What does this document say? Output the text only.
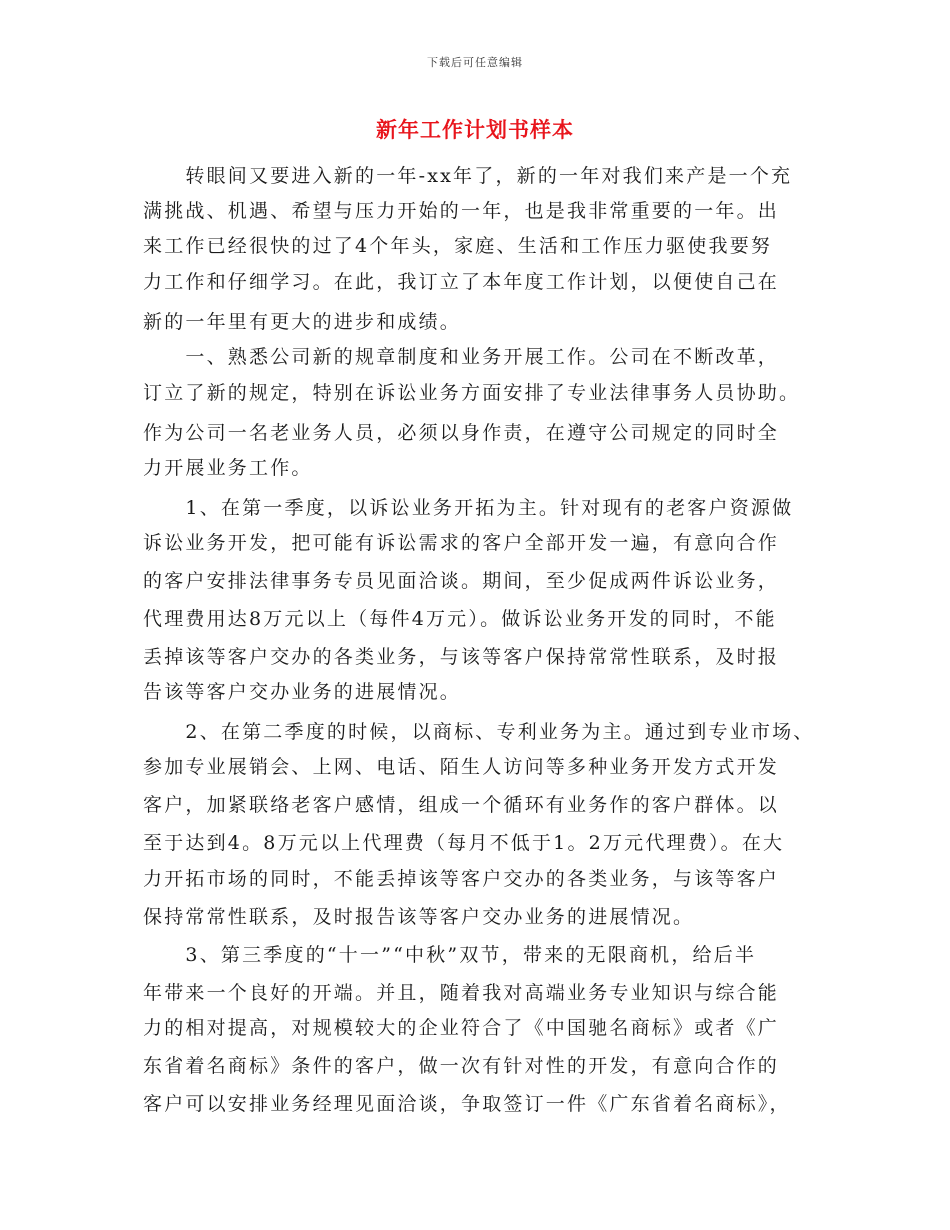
下载后可任意编辑
新年工作计划书样本
　　转眼间又要进入新的一年-xx年了，新的一年对我们来产是一个充
满挑战、机遇、希望与压力开始的一年，也是我非常重要的一年。出
来工作已经很快的过了4个年头，家庭、生活和工作压力驱使我要努
力工作和仔细学习。在此，我订立了本年度工作计划，以便使自己在
新的一年里有更大的进步和成绩。
　　一、熟悉公司新的规章制度和业务开展工作。公司在不断改革，
订立了新的规定，特别在诉讼业务方面安排了专业法律事务人员协助。
作为公司一名老业务人员，必须以身作责，在遵守公司规定的同时全
力开展业务工作。
　　1、在第一季度，以诉讼业务开拓为主。针对现有的老客户资源做
诉讼业务开发，把可能有诉讼需求的客户全部开发一遍，有意向合作
的客户安排法律事务专员见面洽谈。期间，至少促成两件诉讼业务，
代理费用达8万元以上（每件4万元）。做诉讼业务开发的同时，不能
丢掉该等客户交办的各类业务，与该等客户保持常常性联系，及时报
告该等客户交办业务的进展情况。
　　2、在第二季度的时候，以商标、专利业务为主。通过到专业市场、
参加专业展销会、上网、电话、陌生人访问等多种业务开发方式开发
客户，加紧联络老客户感情，组成一个循环有业务作的客户群体。以
至于达到4。8万元以上代理费（每月不低于1。2万元代理费）。在大
力开拓市场的同时，不能丢掉该等客户交办的各类业务，与该等客户
保持常常性联系，及时报告该等客户交办业务的进展情况。
　　3、第三季度的“十一”“中秋”双节，带来的无限商机，给后半
年带来一个良好的开端。并且，随着我对高端业务专业知识与综合能
力的相对提高，对规模较大的企业符合了《中国驰名商标》或者《广
东省着名商标》条件的客户，做一次有针对性的开发，有意向合作的
客户可以安排业务经理见面洽谈，争取签订一件《广东省着名商标》，
